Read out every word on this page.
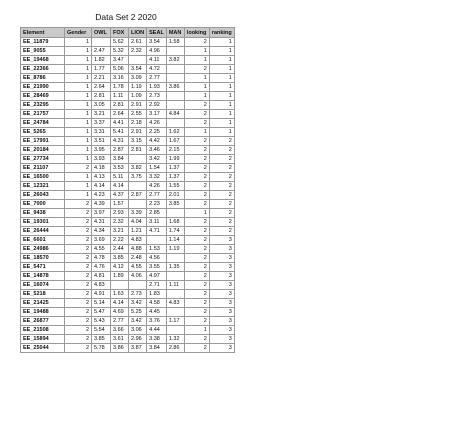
Data Set 2 2020
Element	Gender	OWL	FOX	LION	SEAL	MAN	looking	ranking
EE_11879	1		5.62	2.61	3.54	1.58	2	1
EE_9055	1	2.47	5.32	2.32	4.96		1	1
EE_19468	1	1.82	3.47		4.11	3.82	1	1
EE_22366	1	1.77	5.06	3.54	4.72		2	1
EE_8786	1	2.21	3.16	3.09	2.77		1	1
EE_21990	1	2.64	1.78	1.19	1.93	3.86	1	1
EE_28469	1	2.81	1.11	1.09	2.73		1	1
EE_23295	1	3.05	2.81	2.91	2.92		2	1
EE_21757	1	3.21	2.64	2.55	3.17	4.84	2	1
EE_24784	1	3.37	4.41	2.18	4.26		2	1
EE_5265	1	3.31	5.41	2.91	2.25	1.62	1	1
EE_17991	1	3.51	4.31	3.15	4.42	1.67	2	2
EE_20184	1	3.95	2.87	2.81	3.46	2.15	2	2
EE_27734	1	3.93	3.84		3.42	1.99	2	2
EE_21107	2	4.18	3.53	3.82	1.54	1.37	2	2
EE_16500	1	4.13	5.11	3.75	3.32	1.37	2	2
EE_12321	1	4.14	4.14		4.26	1.55	2	2
EE_26043	1	4.23	4.37	2.87	2.77	2.01	2	2
EE_7000	2	4.39	1.57		2.23	3.85	2	2
EE_9438	2	3.97	2.93	3.39	2.85		1	2
EE_19301	2	4.31	2.32	4.04	3.11	1.68	2	2
EE_26444	2	4.34	3.21	1.21	4.71	1.74	2	2
EE_6601	2	3.69	2.22	4.83		1.14	2	3
EE_24986	2	4.55	2.44	4.88	1.53	1.19	2	3
EE_18570	2	4.78	3.85	2.48	4.56		2	3
EE_5471	2	4.76	4.12	4.55	3.55	1.35	2	3
EE_14878	2	4.81	1.89	4.06	4.97		2	3
EE_16074	2	4.83			2.71	1.11	2	3
EE_5218	2	4.91	1.63	2.73	1.83		2	3
EE_21425	2	5.14	4.14	3.42	4.58	4.83	2	3
EE_19488	2	5.47	4.69	5.25	4.45		2	3
EE_26877	2	5.43	2.77	3.42	3.76	1.17	2	3
EE_21508	2	5.54	3.66	3.06	4.44		1	3
EE_15894	2	3.85	3.61	2.96	3.38	1.32	2	3
EE_25044	2	5.78	3.86	3.87	3.84	2.86	2	3
